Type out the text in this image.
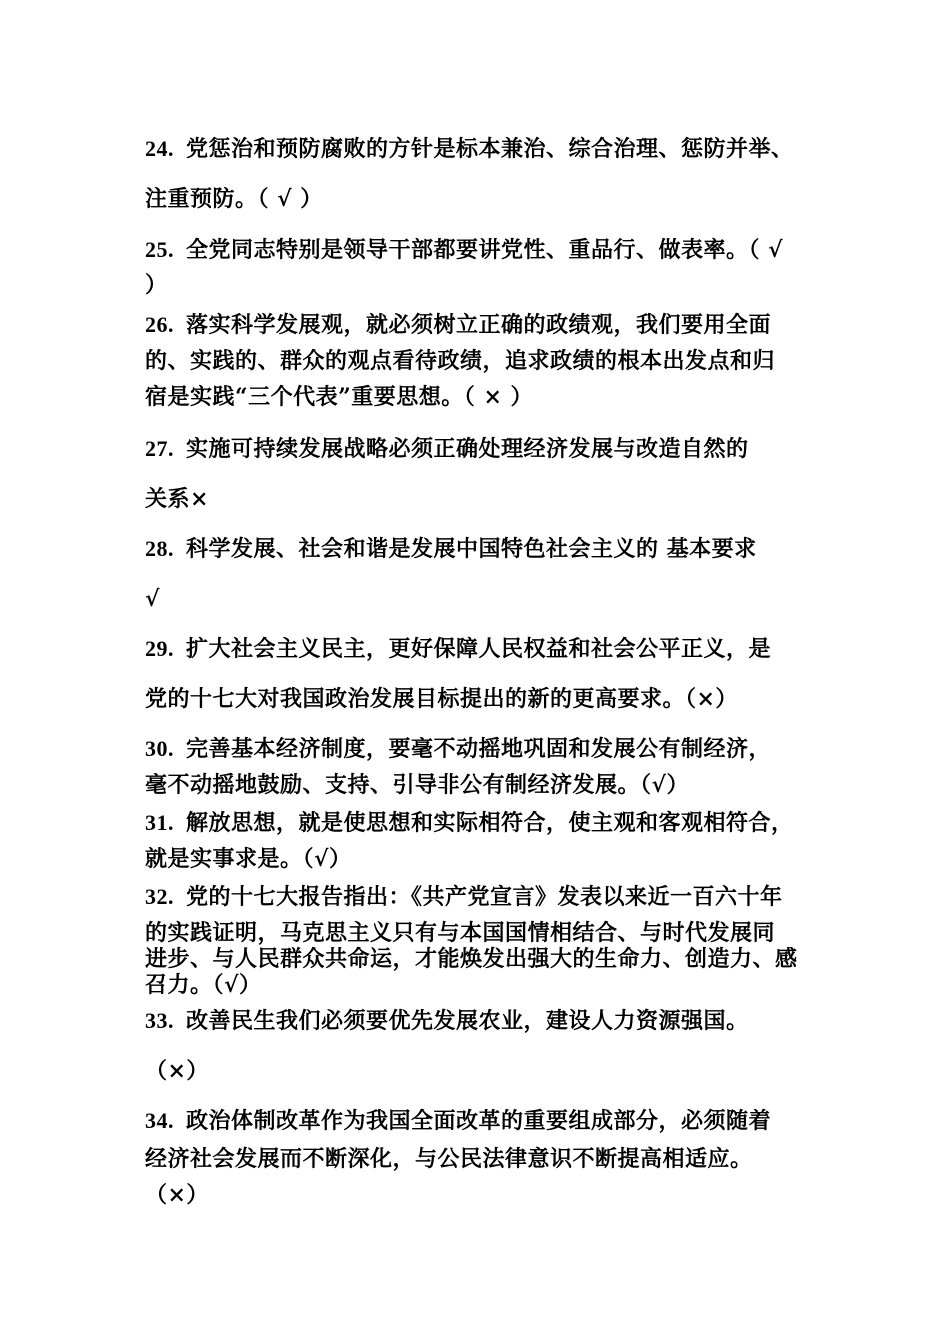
24. 党惩治和预防腐败的方针是标本兼治、综合治理、惩防并举、
注重预防。（ √ ）
25. 全党同志特别是领导干部都要讲党性、重品行、做表率。（ √
）
26. 落实科学发展观，就必须树立正确的政绩观，我们要用全面
的、实践的、群众的观点看待政绩，追求政绩的根本出发点和归
宿是实践“三个代表”重要思想。（ × ）
27. 实施可持续发展战略必须正确处理经济发展与改造自然的
关系×
28. 科学发展、社会和谐是发展中国特色社会主义的 基本要求
√
29. 扩大社会主义民主，更好保障人民权益和社会公平正义，是
党的十七大对我国政治发展目标提出的新的更高要求。（×）
30. 完善基本经济制度，要毫不动摇地巩固和发展公有制经济，
毫不动摇地鼓励、支持、引导非公有制经济发展。（√）
31. 解放思想，就是使思想和实际相符合，使主观和客观相符合，
就是实事求是。（√）
32. 党的十七大报告指出：《共产党宣言》发表以来近一百六十年
的实践证明，马克思主义只有与本国国情相结合、与时代发展同
进步、与人民群众共命运，才能焕发出强大的生命力、创造力、感
召力。（√）
33. 改善民生我们必须要优先发展农业，建设人力资源强国。
（×）
34. 政治体制改革作为我国全面改革的重要组成部分，必须随着
经济社会发展而不断深化，与公民法律意识不断提高相适应。
（×）
